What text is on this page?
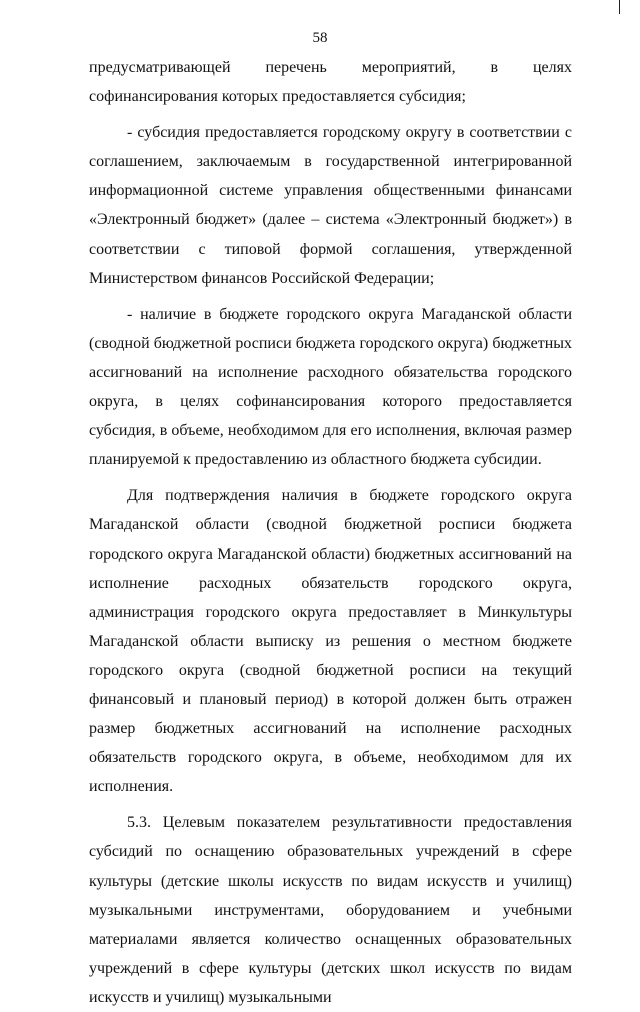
58

предусматривающей перечень мероприятий, в целях софинансирования которых предоставляется субсидия;

- субсидия предоставляется городскому округу в соответствии с соглашением, заключаемым в государственной интегрированной информационной системе управления общественными финансами «Электронный бюджет» (далее – система «Электронный бюджет») в соответствии с типовой формой соглашения, утвержденной Министерством финансов Российской Федерации;

- наличие в бюджете городского округа Магаданской области (сводной бюджетной росписи бюджета городского округа) бюджетных ассигнований на исполнение расходного обязательства городского округа, в целях софинансирования которого предоставляется субсидия, в объеме, необходимом для его исполнения, включая размер планируемой к предоставлению из областного бюджета субсидии.

Для подтверждения наличия в бюджете городского округа Магаданской области (сводной бюджетной росписи бюджета городского округа Магаданской области) бюджетных ассигнований на исполнение расходных обязательств городского округа, администрация городского округа предоставляет в Минкультуры Магаданской области выписку из решения о местном бюджете городского округа (сводной бюджетной росписи на текущий финансовый и плановый период) в которой должен быть отражен размер бюджетных ассигнований на исполнение расходных обязательств городского округа, в объеме, необходимом для их исполнения.

5.3. Целевым показателем результативности предоставления субсидий по оснащению образовательных учреждений в сфере культуры (детские школы искусств по видам искусств и училищ) музыкальными инструментами, оборудованием и учебными материалами является количество оснащенных образовательных учреждений в сфере культуры (детских школ искусств по видам искусств и училищ) музыкальными
